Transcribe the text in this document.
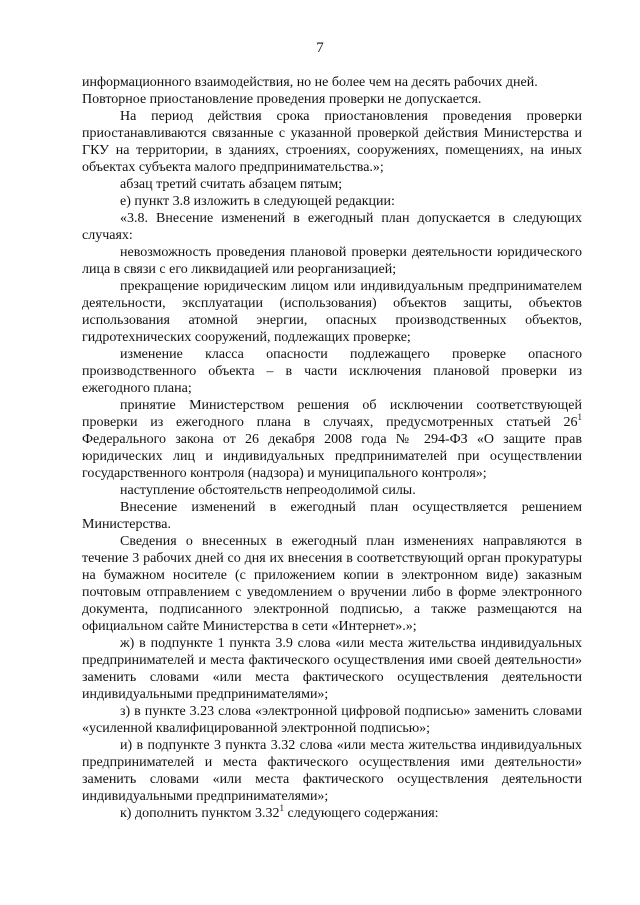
7

информационного взаимодействия, но не более чем на десять рабочих дней.

Повторное приостановление проведения проверки не допускается.

На период действия срока приостановления проведения проверки приостанавливаются связанные с указанной проверкой действия Министерства и ГКУ на территории, в зданиях, строениях, сооружениях, помещениях, на иных объектах субъекта малого предпринимательства.»;

абзац третий считать абзацем пятым;

е) пункт 3.8 изложить в следующей редакции:

«3.8. Внесение изменений в ежегодный план допускается в следующих случаях:

невозможность проведения плановой проверки деятельности юридического лица в связи с его ликвидацией или реорганизацией;

прекращение юридическим лицом или индивидуальным предпринимателем деятельности, эксплуатации (использования) объектов защиты, объектов использования атомной энергии, опасных производственных объектов, гидротехнических сооружений, подлежащих проверке;

изменение класса опасности подлежащего проверке опасного производственного объекта – в части исключения плановой проверки из ежегодного плана;

принятие Министерством решения об исключении соответствующей проверки из ежегодного плана в случаях, предусмотренных статьей $26^1$ Федерального закона от 26 декабря 2008 года № 294-ФЗ «О защите прав юридических лиц и индивидуальных предпринимателей при осуществлении государственного контроля (надзора) и муниципального контроля»;

наступление обстоятельств непреодолимой силы.

Внесение изменений в ежегодный план осуществляется решением Министерства.

Сведения о внесенных в ежегодный план изменениях направляются в течение 3 рабочих дней со дня их внесения в соответствующий орган прокуратуры на бумажном носителе (с приложением копии в электронном виде) заказным почтовым отправлением с уведомлением о вручении либо в форме электронного документа, подписанного электронной подписью, а также размещаются на официальном сайте Министерства в сети «Интернет».»;

ж) в подпункте 1 пункта 3.9 слова «или места жительства индивидуальных предпринимателей и места фактического осуществления ими своей деятельности» заменить словами «или места фактического осуществления деятельности индивидуальными предпринимателями»;

з) в пункте 3.23 слова «электронной цифровой подписью» заменить словами «усиленной квалифицированной электронной подписью»;

и) в подпункте 3 пункта 3.32 слова «или места жительства индивидуальных предпринимателей и места фактического осуществления ими деятельности» заменить словами «или места фактического осуществления деятельности индивидуальными предпринимателями»;

к) дополнить пунктом 3.32$^1$ следующего содержания:
